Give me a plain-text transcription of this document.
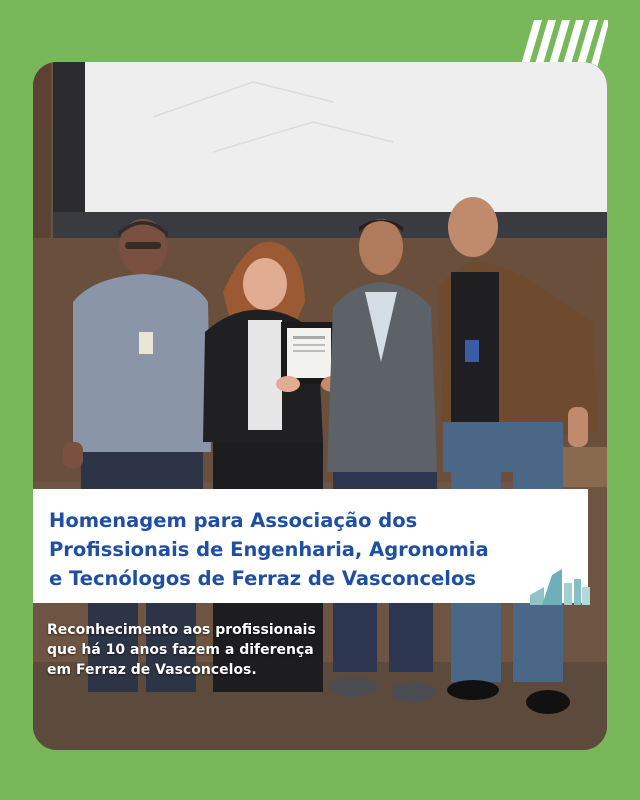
Homenagem para Associação dos
Profissionais de Engenharia, Agronomia
e Tecnólogos de Ferraz de Vasconcelos
Reconhecimento aos profissionais
que há 10 anos fazem a diferença
em Ferraz de Vasconcelos.
